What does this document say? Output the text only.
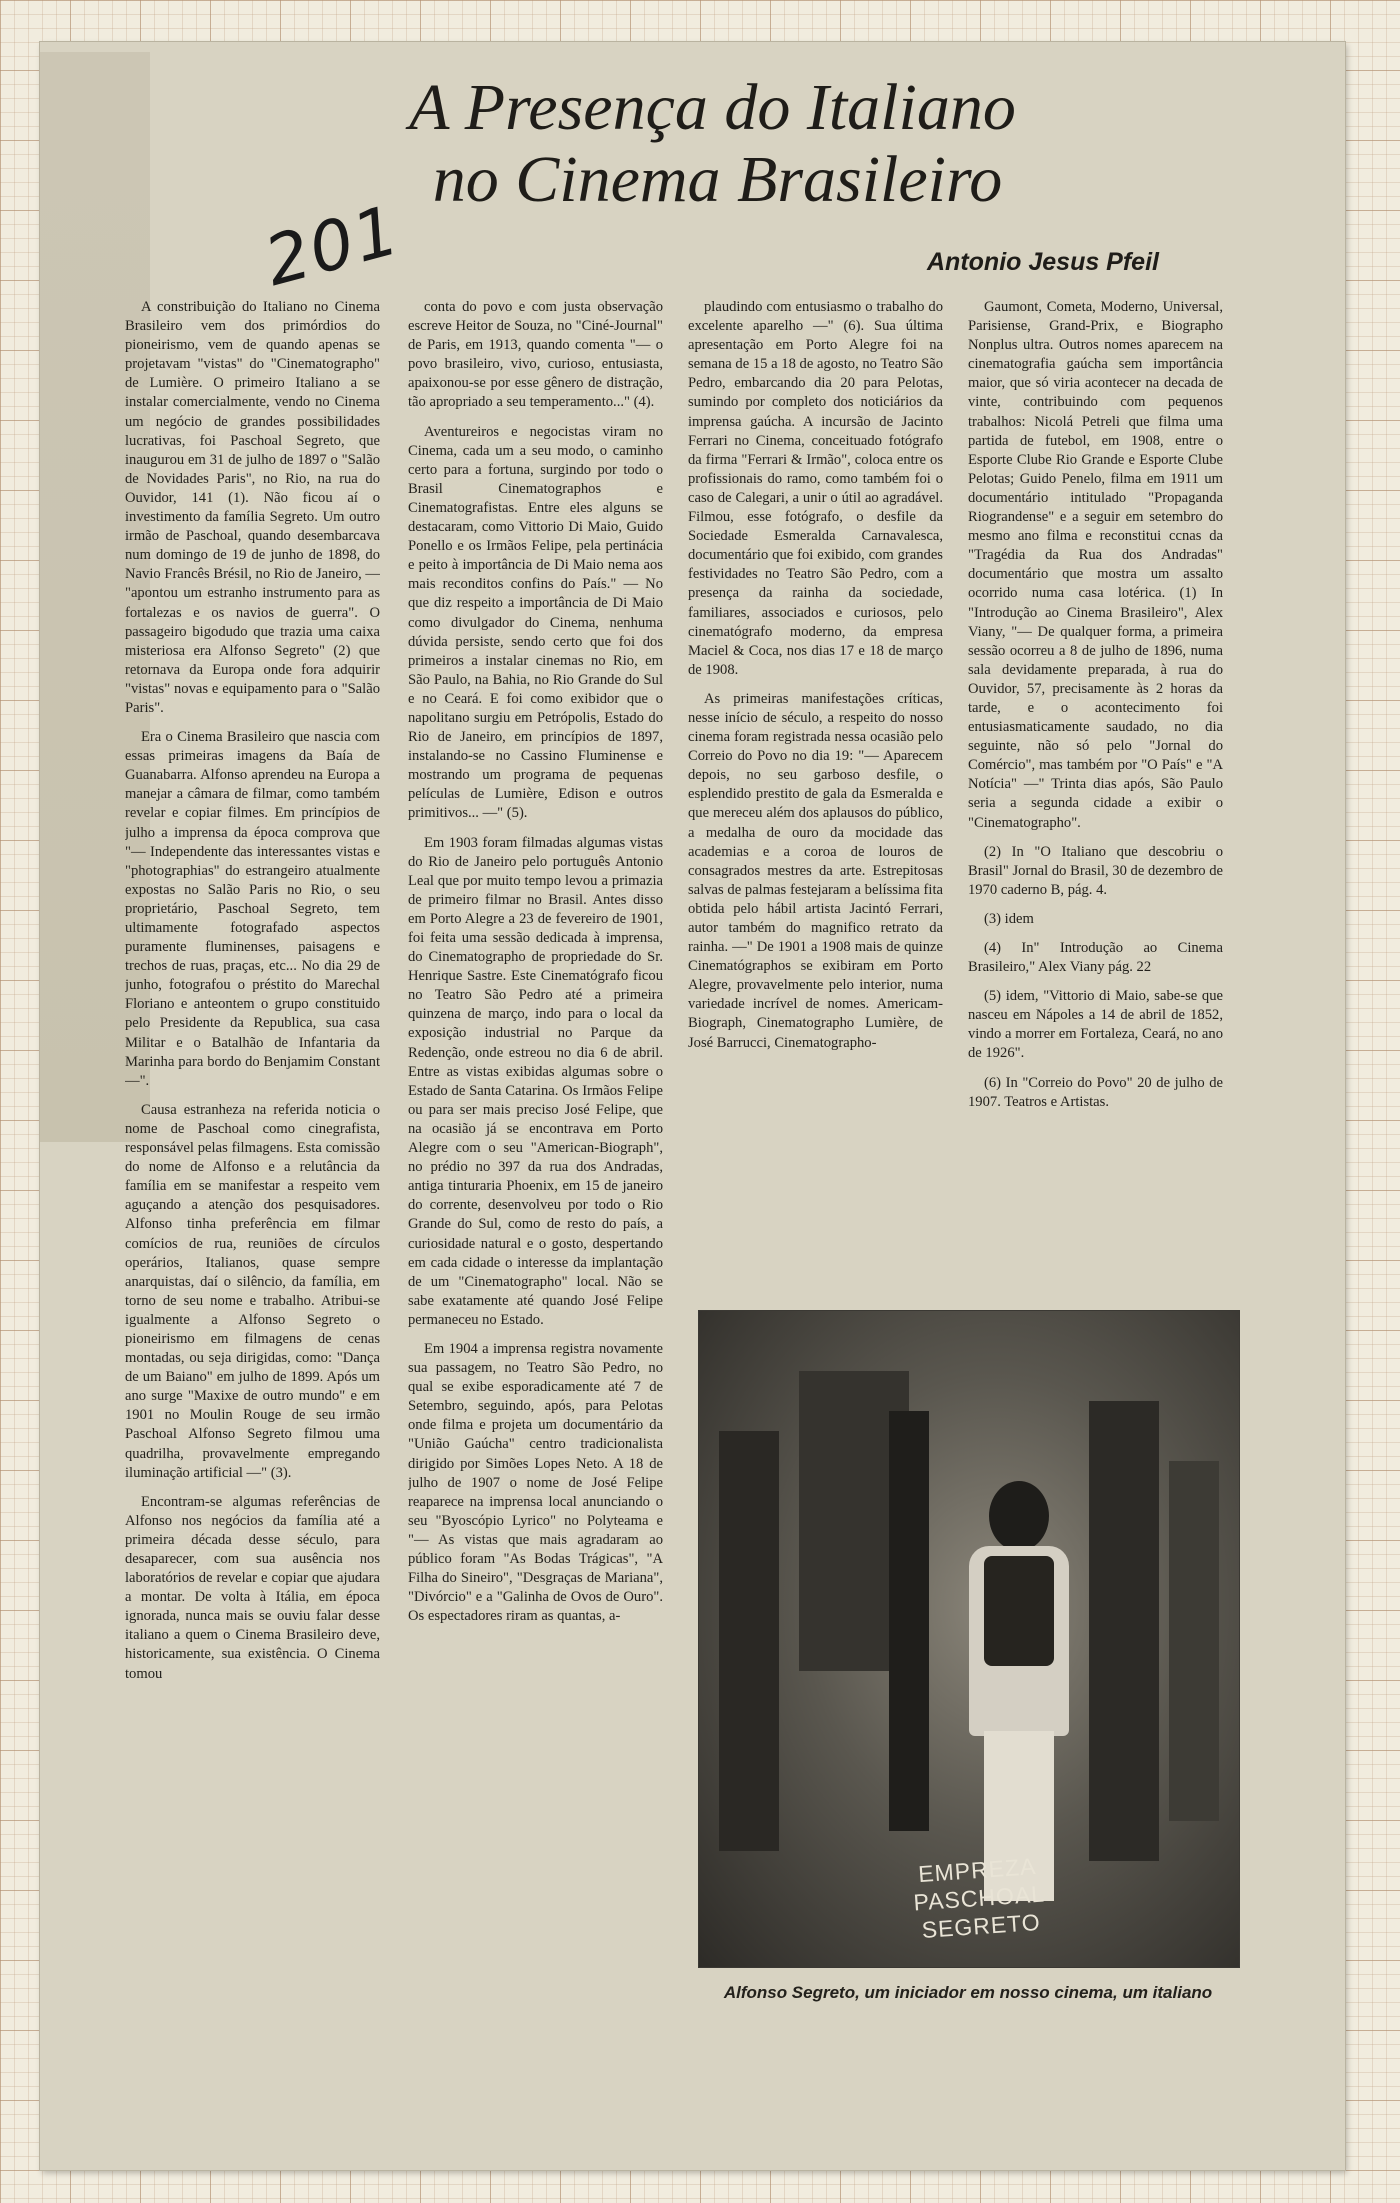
A Presença do Italiano
no Cinema Brasileiro
201	Antonio Jesus Pfeil

A constribuição do Italiano no Cinema Brasileiro vem dos primórdios do pioneirismo, vem de quando apenas se projetavam "vistas" do "Cinematographo" de Lumière. O primeiro Italiano a se instalar comercialmente, vendo no Cinema um negócio de grandes possibilidades lucrativas, foi Paschoal Segreto, que inaugurou em 31 de julho de 1897 o "Salão de Novidades Paris", no Rio, na rua do Ouvidor, 141 (1). Não ficou aí o investimento da família Segreto. Um outro irmão de Paschoal, quando desembarcava num domingo de 19 de junho de 1898, do Navio Francês Brésil, no Rio de Janeiro, — "apontou um estranho instrumento para as fortalezas e os navios de guerra". O passageiro bigodudo que trazia uma caixa misteriosa era Alfonso Segreto" (2) que retornava da Europa onde fora adquirir "vistas" novas e equipamento para o "Salão Paris".

Era o Cinema Brasileiro que nascia com essas primeiras imagens da Baía de Guanabarra. Alfonso aprendeu na Europa a manejar a câmara de filmar, como também revelar e copiar filmes. Em princípios de julho a imprensa da época comprova que "— Independente das interessantes vistas e "photographias" do estrangeiro atualmente expostas no Salão Paris no Rio, o seu proprietário, Paschoal Segreto, tem ultimamente fotografado aspectos puramente fluminenses, paisagens e trechos de ruas, praças, etc... No dia 29 de junho, fotografou o préstito do Marechal Floriano e anteontem o grupo constituido pelo Presidente da Republica, sua casa Militar e o Batalhão de Infantaria da Marinha para bordo do Benjamim Constant —".

Causa estranheza na referida noticia o nome de Paschoal como cinegrafista, responsável pelas filmagens. Esta comissão do nome de Alfonso e a relutância da família em se manifestar a respeito vem aguçando a atenção dos pesquisadores. Alfonso tinha preferência em filmar comícios de rua, reuniões de círculos operários, Italianos, quase sempre anarquistas, daí o silêncio, da família, em torno de seu nome e trabalho. Atribui-se igualmente a Alfonso Segreto o pioneirismo em filmagens de cenas montadas, ou seja dirigidas, como: "Dança de um Baiano" em julho de 1899. Após um ano surge "Maxixe de outro mundo" e em 1901 no Moulin Rouge de seu irmão Paschoal Alfonso Segreto filmou uma quadrilha, provavelmente empregando iluminação artificial —" (3).

Encontram-se algumas referências de Alfonso nos negócios da família até a primeira década desse século, para desaparecer, com sua ausência nos laboratórios de revelar e copiar que ajudara a montar. De volta à Itália, em época ignorada, nunca mais se ouviu falar desse italiano a quem o Cinema Brasileiro deve, historicamente, sua existência. O Cinema tomou

conta do povo e com justa observação escreve Heitor de Souza, no "Ciné-Journal" de Paris, em 1913, quando comenta "— o povo brasileiro, vivo, curioso, entusiasta, apaixonou-se por esse gênero de distração, tão apropriado a seu temperamento..." (4).

Aventureiros e negocistas viram no Cinema, cada um a seu modo, o caminho certo para a fortuna, surgindo por todo o Brasil Cinematographos e Cinematografistas. Entre eles alguns se destacaram, como Vittorio Di Maio, Guido Ponello e os Irmãos Felipe, pela pertinácia e peito à importância de Di Maio nema aos mais reconditos confins do País." — No que diz respeito a importância de Di Maio como divulgador do Cinema, nenhuma dúvida persiste, sendo certo que foi dos primeiros a instalar cinemas no Rio, em São Paulo, na Bahia, no Rio Grande do Sul e no Ceará. E foi como exibidor que o napolitano surgiu em Petrópolis, Estado do Rio de Janeiro, em princípios de 1897, instalando-se no Cassino Fluminense e mostrando um programa de pequenas películas de Lumière, Edison e outros primitivos... —" (5).

Em 1903 foram filmadas algumas vistas do Rio de Janeiro pelo português Antonio Leal que por muito tempo levou a primazia de primeiro filmar no Brasil. Antes disso em Porto Alegre a 23 de fevereiro de 1901, foi feita uma sessão dedicada à imprensa, do Cinematographo de propriedade do Sr. Henrique Sastre. Este Cinematógrafo ficou no Teatro São Pedro até a primeira quinzena de março, indo para o local da exposição industrial no Parque da Redenção, onde estreou no dia 6 de abril. Entre as vistas exibidas algumas sobre o Estado de Santa Catarina. Os Irmãos Felipe ou para ser mais preciso José Felipe, que na ocasião já se encontrava em Porto Alegre com o seu "American-Biograph", no prédio no 397 da rua dos Andradas, antiga tinturaria Phoenix, em 15 de janeiro do corrente, desenvolveu por todo o Rio Grande do Sul, como de resto do país, a curiosidade natural e o gosto, despertando em cada cidade o interesse da implantação de um "Cinematographo" local. Não se sabe exatamente até quando José Felipe permaneceu no Estado.

Em 1904 a imprensa registra novamente sua passagem, no Teatro São Pedro, no qual se exibe esporadicamente até 7 de Setembro, seguindo, após, para Pelotas onde filma e projeta um documentário da "União Gaúcha" centro tradicionalista dirigido por Simões Lopes Neto. A 18 de julho de 1907 o nome de José Felipe reaparece na imprensa local anunciando o seu "Byoscópio Lyrico" no Polyteama e "— As vistas que mais agradaram ao público foram "As Bodas Trágicas", "A Filha do Sineiro", "Desgraças de Mariana", "Divórcio" e a "Galinha de Ovos de Ouro". Os espectadores riram as quantas, a-

plaudindo com entusiasmo o trabalho do excelente aparelho —" (6). Sua última apresentação em Porto Alegre foi na semana de 15 a 18 de agosto, no Teatro São Pedro, embarcando dia 20 para Pelotas, sumindo por completo dos noticiários da imprensa gaúcha. A incursão de Jacinto Ferrari no Cinema, conceituado fotógrafo da firma "Ferrari & Irmão", coloca entre os profissionais do ramo, como também foi o caso de Calegari, a unir o útil ao agradável. Filmou, esse fotógrafo, o desfile da Sociedade Esmeralda Carnavalesca, documentário que foi exibido, com grandes festividades no Teatro São Pedro, com a presença da rainha da sociedade, familiares, associados e curiosos, pelo cinematógrafo moderno, da empresa Maciel & Coca, nos dias 17 e 18 de março de 1908.

As primeiras manifestações críticas, nesse início de século, a respeito do nosso cinema foram registrada nessa ocasião pelo Correio do Povo no dia 19: "— Aparecem depois, no seu garboso desfile, o esplendido prestito de gala da Esmeralda e que mereceu além dos aplausos do público, a medalha de ouro da mocidade das academias e a coroa de louros de consagrados mestres da arte. Estrepitosas salvas de palmas festejaram a belíssima fita obtida pelo hábil artista Jacintó Ferrari, autor também do magnifico retrato da rainha. —" De 1901 a 1908 mais de quinze Cinematógraphos se exibiram em Porto Alegre, provavelmente pelo interior, numa variedade incrível de nomes. Americam-Biograph, Cinematographo Lumière, de José Barrucci, Cinematographo-

Gaumont, Cometa, Moderno, Universal, Parisiense, Grand-Prix, e Biographo Nonplus ultra. Outros nomes aparecem na cinematografia gaúcha sem importância maior, que só viria acontecer na decada de vinte, contribuindo com pequenos trabalhos: Nicolá Petreli que filma uma partida de futebol, em 1908, entre o Esporte Clube Rio Grande e Esporte Clube Pelotas; Guido Penelo, filma em 1911 um documentário intitulado "Propaganda Riograndense" e a seguir em setembro do mesmo ano filma e reconstitui ccnas da "Tragédia da Rua dos Andradas" documentário que mostra um assalto ocorrido numa casa lotérica. (1) In "Introdução ao Cinema Brasileiro", Alex Viany, "— De qualquer forma, a primeira sessão ocorreu a 8 de julho de 1896, numa sala devidamente preparada, à rua do Ouvidor, 57, precisamente às 2 horas da tarde, e o acontecimento foi entusiasmaticamente saudado, no dia seguinte, não só pelo "Jornal do Comércio", mas também por "O País" e "A Notícia" —" Trinta dias após, São Paulo seria a segunda cidade a exibir o "Cinematographo".

(2) In "O Italiano que descobriu o Brasil" Jornal do Brasil, 30 de dezembro de 1970 caderno B, pág. 4.

(3) idem

(4) In" Introdução ao Cinema Brasileiro," Alex Viany pág. 22

(5) idem, "Vittorio di Maio, sabe-se que nasceu em Nápoles a 14 de abril de 1852, vindo a morrer em Fortaleza, Ceará, no ano de 1926".

(6) In "Correio do Povo" 20 de julho de 1907. Teatros e Artistas.

EMPREZA
PASCHOAL SEGRETO
Alfonso Segreto, um iniciador em nosso cinema, um italiano
